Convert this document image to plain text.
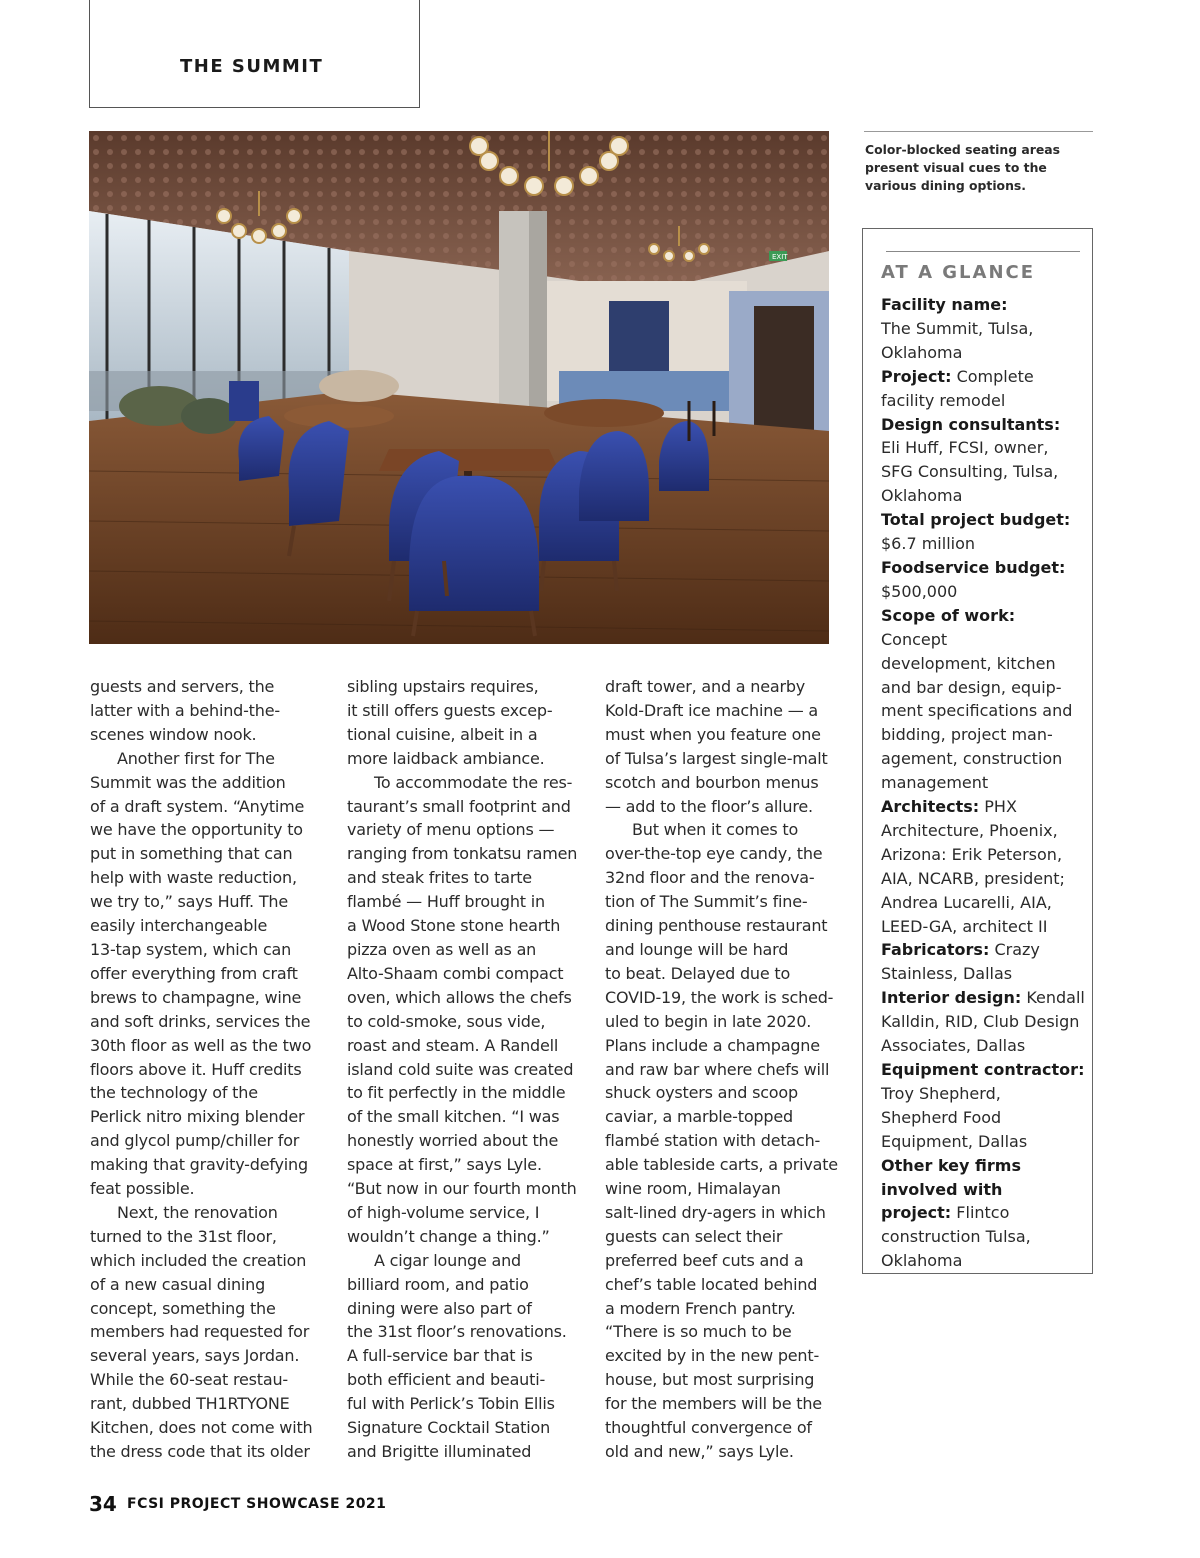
THE SUMMIT
EXIT
Color-blocked seating areas present visual cues to the various dining options.
AT A GLANCE
Facility name:
The Summit, Tulsa,
Oklahoma
Project: Complete
facility remodel
Design consultants:
Eli Huff, FCSI, owner,
SFG Consulting, Tulsa,
Oklahoma
Total project budget:
$6.7 million
Foodservice budget:
$500,000
Scope of work: Concept
development, kitchen
and bar design, equip-
ment specifications and
bidding, project man-
agement, construction
management
Architects: PHX
Architecture, Phoenix,
Arizona: Erik Peterson,
AIA, NCARB, president;
Andrea Lucarelli, AIA,
LEED-GA, architect II
Fabricators: Crazy
Stainless, Dallas
Interior design: Kendall
Kalldin, RID, Club Design
Associates, Dallas
Equipment contractor:
Troy Shepherd,
Shepherd Food
Equipment, Dallas
Other key firms
involved with
project: Flintco
construction Tulsa,
Oklahoma
guests and servers, the
latter with a behind-the-
scenes window nook.
Another first for The
Summit was the addition
of a draft system. “Anytime
we have the opportunity to
put in something that can
help with waste reduction,
we try to,” says Huff. The
easily interchangeable
13-tap system, which can
offer everything from craft
brews to champagne, wine
and soft drinks, services the
30th floor as well as the two
floors above it. Huff credits
the technology of the
Perlick nitro mixing blender
and glycol pump/chiller for
making that gravity-defying
feat possible.
Next, the renovation
turned to the 31st floor,
which included the creation
of a new casual dining
concept, something the
members had requested for
several years, says Jordan.
While the 60-seat restau-
rant, dubbed TH1RTYONE
Kitchen, does not come with
the dress code that its older
sibling upstairs requires,
it still offers guests excep-
tional cuisine, albeit in a
more laidback ambiance.
To accommodate the res-
taurant’s small footprint and
variety of menu options —
ranging from tonkatsu ramen
and steak frites to tarte
flambé — Huff brought in
a Wood Stone stone hearth
pizza oven as well as an
Alto-Shaam combi compact
oven, which allows the chefs
to cold-smoke, sous vide,
roast and steam. A Randell
island cold suite was created
to fit perfectly in the middle
of the small kitchen. “I was
honestly worried about the
space at first,” says Lyle.
“But now in our fourth month
of high-volume service, I
wouldn’t change a thing.”
A cigar lounge and
billiard room, and patio
dining were also part of
the 31st floor’s renovations.
A full-service bar that is
both efficient and beauti-
ful with Perlick’s Tobin Ellis
Signature Cocktail Station
and Brigitte illuminated
draft tower, and a nearby
Kold-Draft ice machine — a
must when you feature one
of Tulsa’s largest single-malt
scotch and bourbon menus
— add to the floor’s allure.
But when it comes to
over-the-top eye candy, the
32nd floor and the renova-
tion of The Summit’s fine-
dining penthouse restaurant
and lounge will be hard
to beat. Delayed due to
COVID-19, the work is sched-
uled to begin in late 2020.
Plans include a champagne
and raw bar where chefs will
shuck oysters and scoop
caviar, a marble-topped
flambé station with detach-
able tableside carts, a private
wine room, Himalayan
salt-lined dry-agers in which
guests can select their
preferred beef cuts and a
chef’s table located behind
a modern French pantry.
“There is so much to be
excited by in the new pent-
house, but most surprising
for the members will be the
thoughtful convergence of
old and new,” says Lyle.
34 FCSI PROJECT SHOWCASE 2021
